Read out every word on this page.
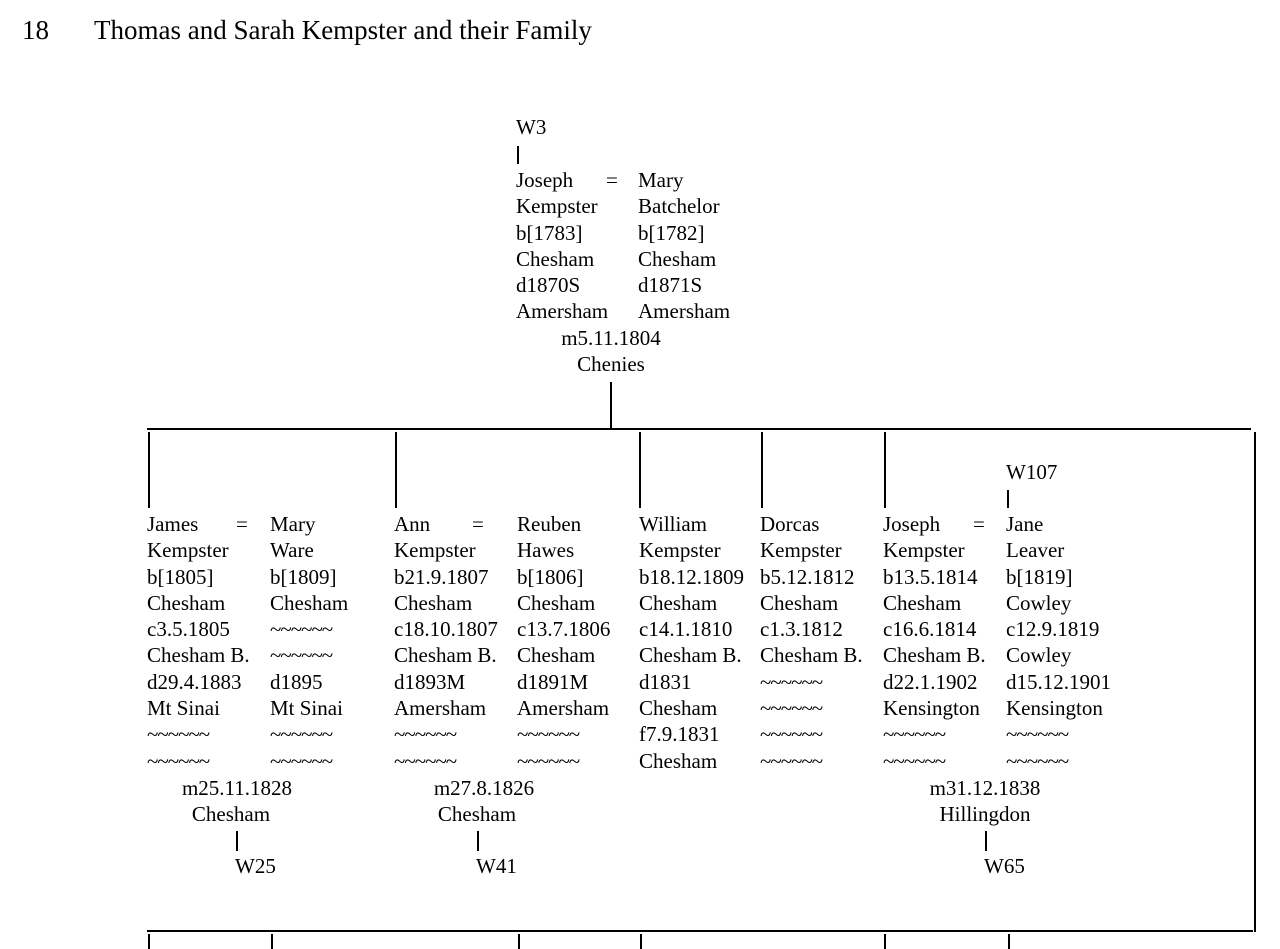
18 Thomas and Sarah Kempster and their Family
W3
Joseph
Kempster
b[1783]
Chesham
d1870S
Amersham
= Mary
Batchelor
b[1782]
Chesham
d1871S
Amersham
m5.11.1804
Chenies
James
Kempster
b[1805]
Chesham
c3.5.1805
Chesham B.
d29.4.1883
Mt Sinai
~~~~~~
~~~~~~
= Mary
Ware
b[1809]
Chesham
~~~~~~
~~~~~~
d1895
Mt Sinai
~~~~~~
~~~~~~
m25.11.1828
Chesham
W25
Ann
Kempster
b21.9.1807
Chesham
c18.10.1807
Chesham B.
d1893M
Amersham
~~~~~~
~~~~~~
= Reuben
Hawes
b[1806]
Chesham
c13.7.1806
Chesham
d1891M
Amersham
~~~~~~
~~~~~~
m27.8.1826
Chesham
W41
William
Kempster
b18.12.1809
Chesham
c14.1.1810
Chesham B.
d1831
Chesham
f7.9.1831
Chesham
Dorcas
Kempster
b5.12.1812
Chesham
c1.3.1812
Chesham B.
~~~~~~
~~~~~~
~~~~~~
~~~~~~
W107
Joseph
Kempster
b13.5.1814
Chesham
c16.6.1814
Chesham B.
d22.1.1902
Kensington
~~~~~~
~~~~~~
= Jane
Leaver
b[1819]
Cowley
c12.9.1819
Cowley
d15.12.1901
Kensington
~~~~~~
~~~~~~
m31.12.1838
Hillingdon
W65
